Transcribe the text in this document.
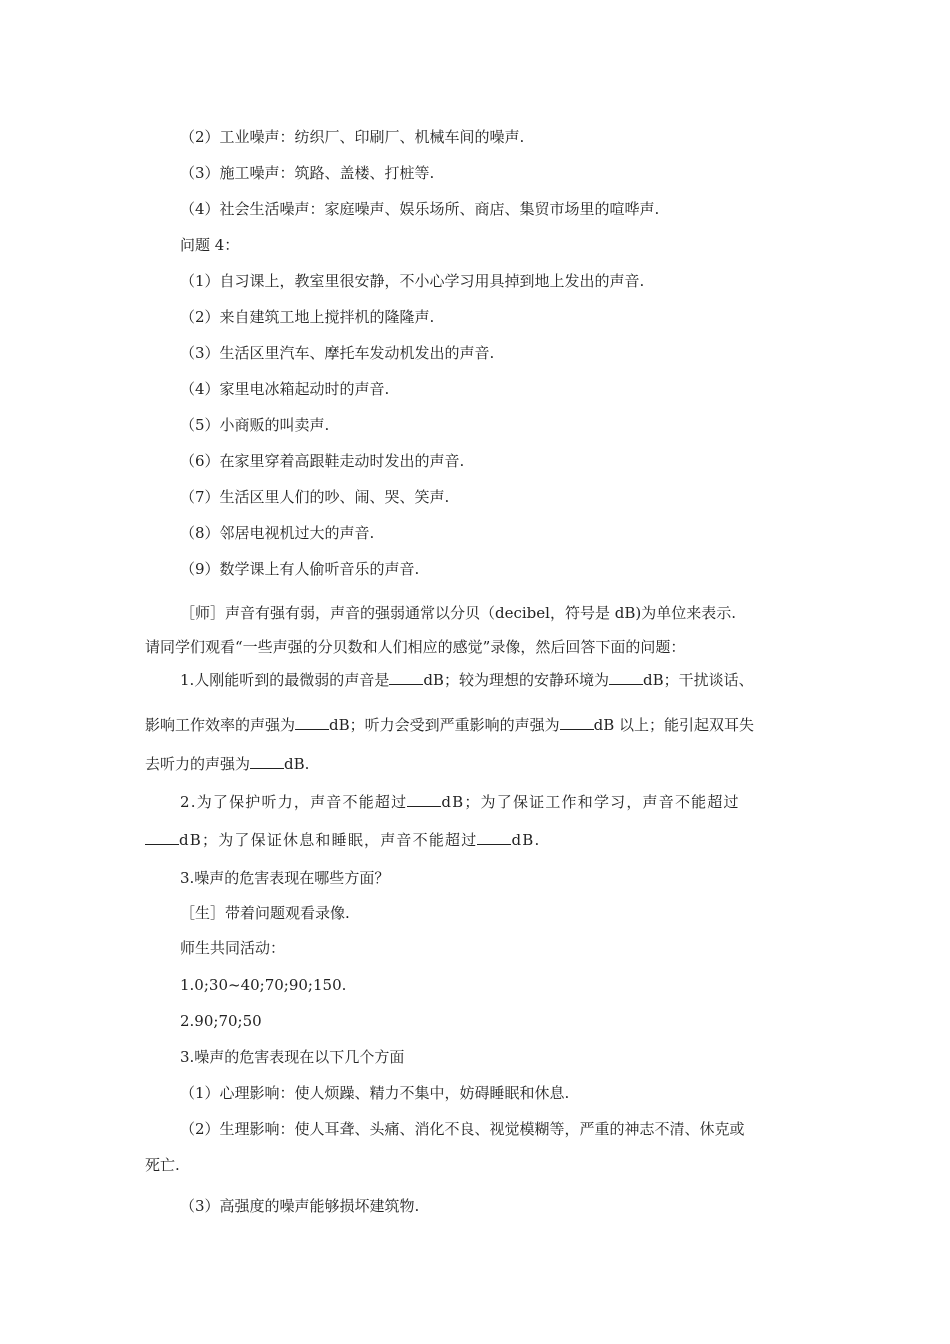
（2）工业噪声：纺织厂、印刷厂、机械车间的噪声.
（3）施工噪声：筑路、盖楼、打桩等.
（4）社会生活噪声：家庭噪声、娱乐场所、商店、集贸市场里的喧哗声.
问题 4：
（1）自习课上，教室里很安静，不小心学习用具掉到地上发出的声音.
（2）来自建筑工地上搅拌机的隆隆声.
（3）生活区里汽车、摩托车发动机发出的声音.
（4）家里电冰箱起动时的声音.
（5）小商贩的叫卖声.
（6）在家里穿着高跟鞋走动时发出的声音.
（7）生活区里人们的吵、闹、哭、笑声.
（8）邻居电视机过大的声音.
（9）数学课上有人偷听音乐的声音.
［师］声音有强有弱，声音的强弱通常以分贝（decibel，符号是 dB)为单位来表示.
请同学们观看“一些声强的分贝数和人们相应的感觉”录像，然后回答下面的问题：
1.人刚能听到的最微弱的声音是 dB；较为理想的安静环境为 dB；干扰谈话、
影响工作效率的声强为 dB；听力会受到严重影响的声强为 dB 以上；能引起双耳失
去听力的声强为 dB.
2.为了保护听力，声音不能超过 dB；为了保证工作和学习，声音不能超过
dB；为了保证休息和睡眠，声音不能超过 dB.
3.噪声的危害表现在哪些方面？
［生］带着问题观看录像.
师生共同活动：
1.0;30~40;70;90;150.
2.90;70;50
3.噪声的危害表现在以下几个方面
（1）心理影响：使人烦躁、精力不集中，妨碍睡眠和休息.
（2）生理影响：使人耳聋、头痛、消化不良、视觉模糊等，严重的神志不清、休克或
死亡.
（3）高强度的噪声能够损坏建筑物.
